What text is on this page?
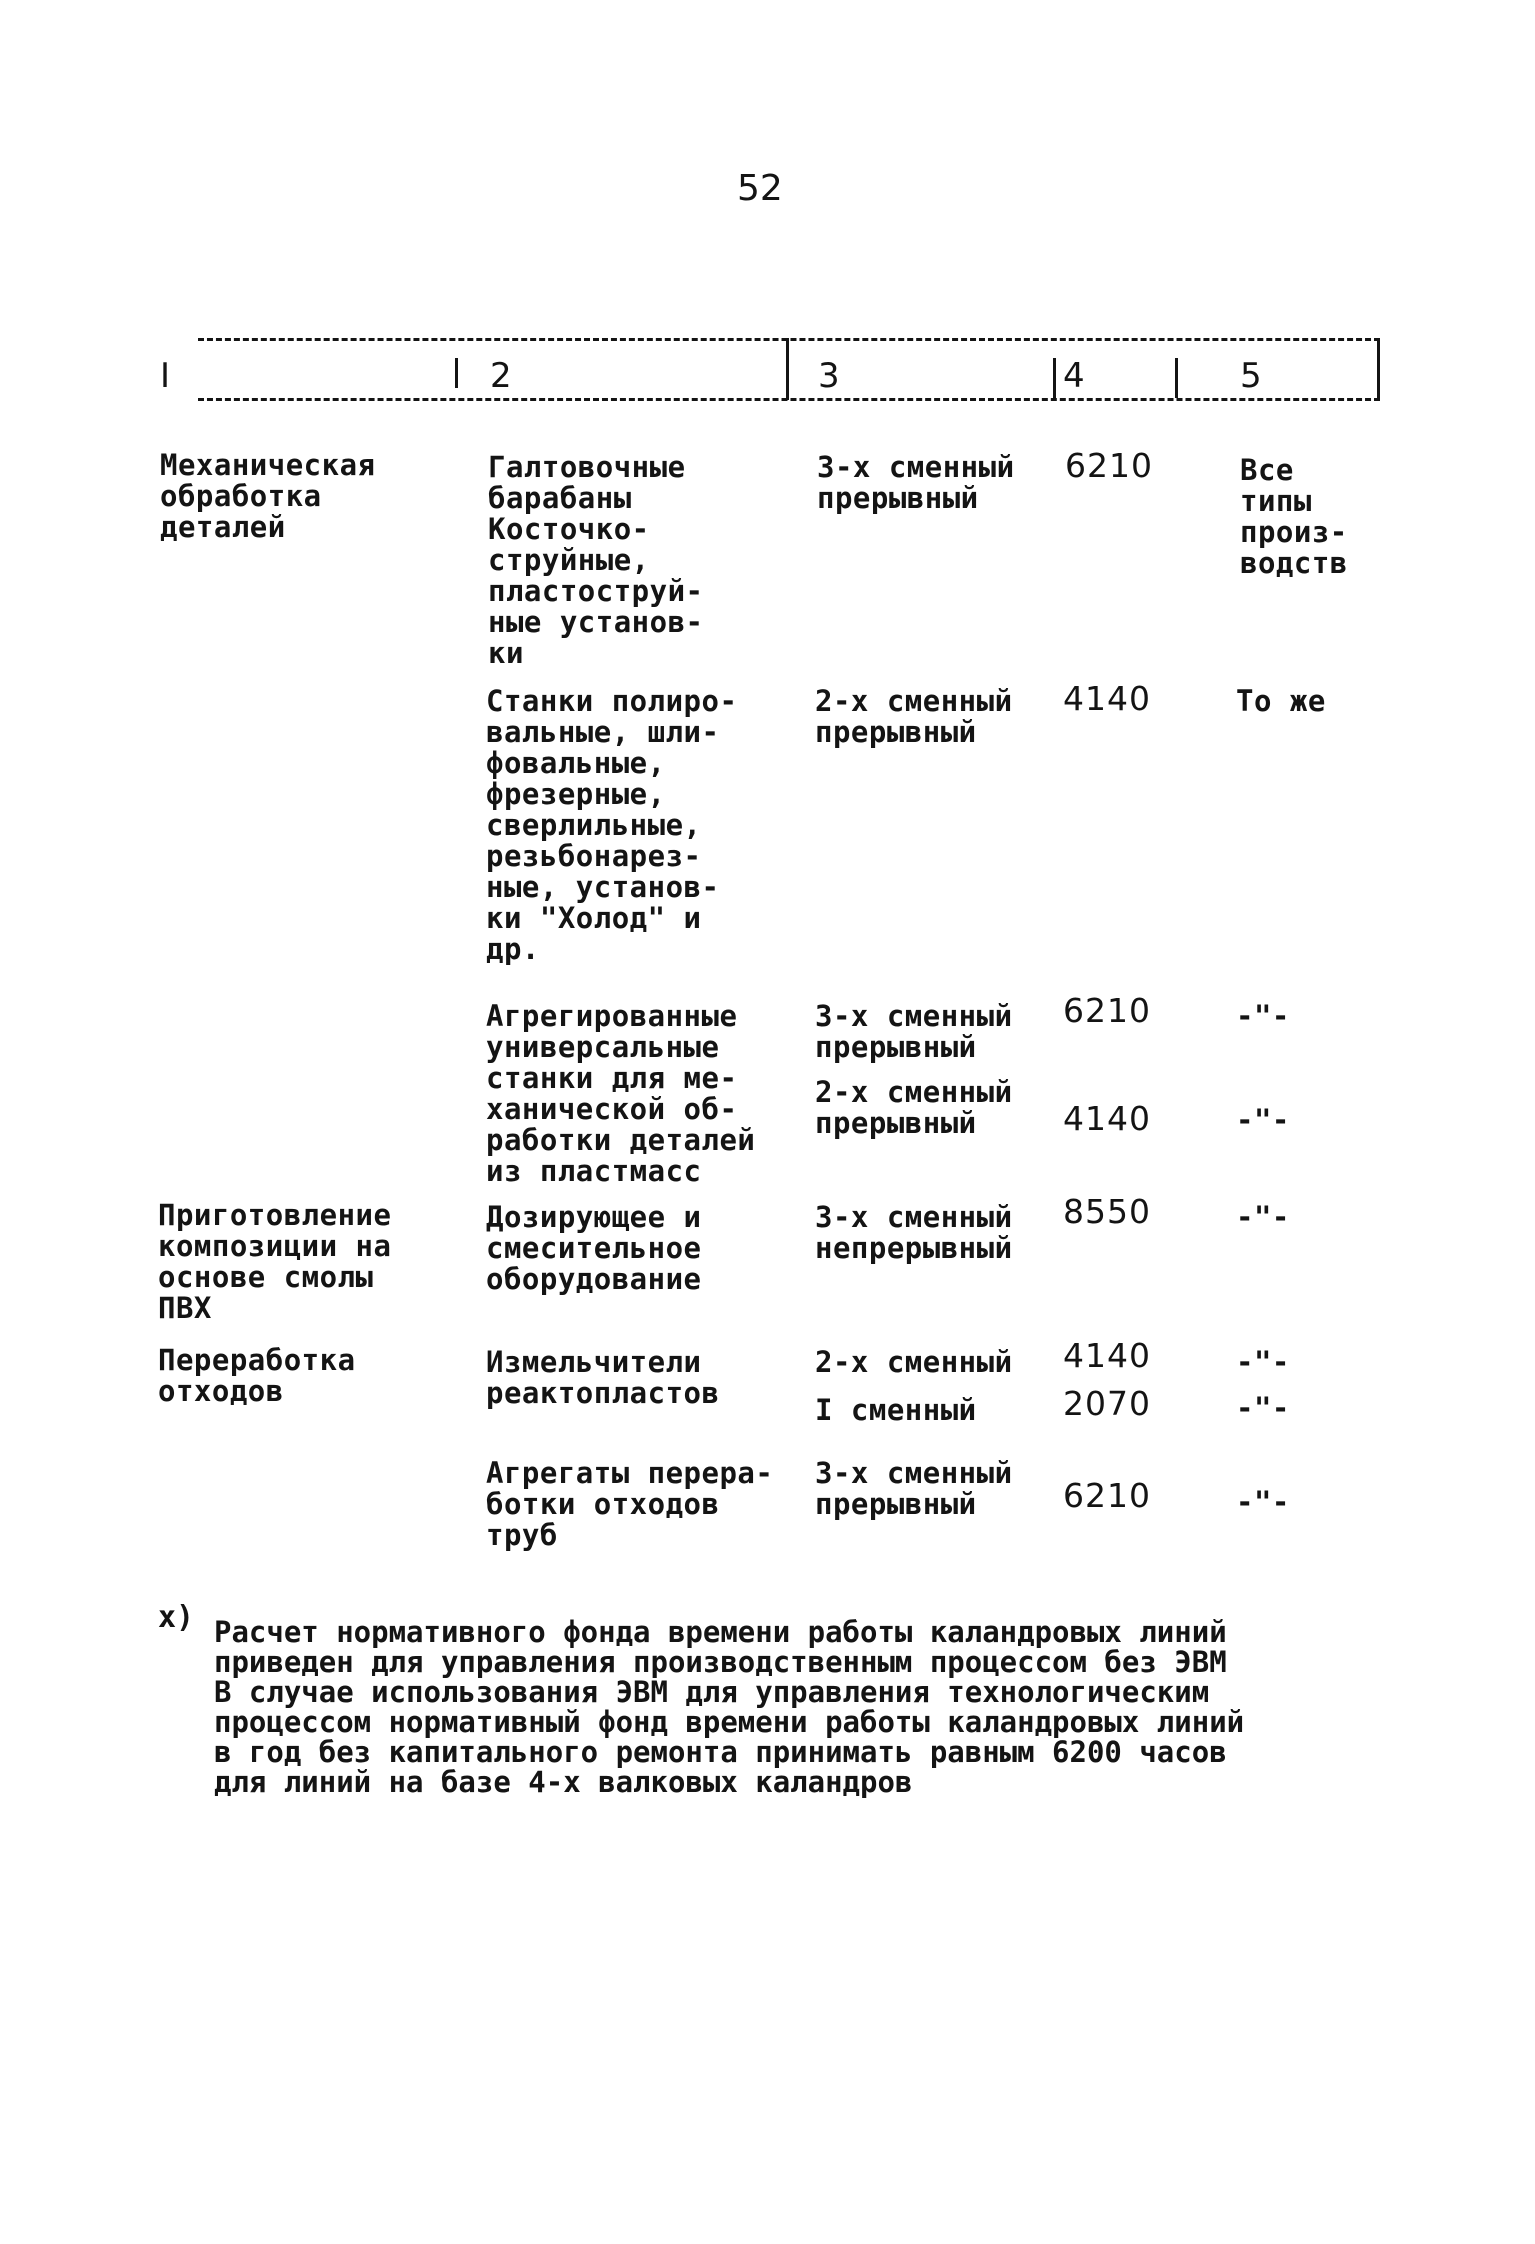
52
I	2	3	4	5
Механическая
обработка
деталей
Галтовочные
барабаны
Косточко-
струйные,
пластоструй-
ные установ-
ки
3-х сменный
прерывный
6210	Все
типы
произ-
водств
Станки полиро-
вальные, шли-
фовальные,
фрезерные,
сверлильные,
резьбонарез-
ные, установ-
ки "Холод" и
др.
2-х сменный
прерывный
4140	То же
Агрегированные
универсальные
станки для ме-
ханической об-
работки деталей
из пластмасс
3-х сменный
прерывный
6210	-"-
2-х сменный
прерывный	4140	-"-
Приготовление
композиции на
основе смолы
ПВХ
Дозирующее и
смесительное
оборудование
3-х сменный
непрерывный
8550	-"-
Переработка
отходов
Измельчители
реактопластов
2-х сменный 4140	-"-
I сменный	2070	-"-
Агрегаты перера-
ботки отходов
труб
3-х сменный
прерывный	6210	-"-
х) Расчет нормативного фонда времени работы каландровых линий
приведен для управления производственным процессом без ЭВМ
В случае использования ЭВМ для управления технологическим
процессом нормативный фонд времени работы каландровых линий
в год без капитального ремонта принимать равным 6200 часов
для линий на базе 4-х валковых каландров
